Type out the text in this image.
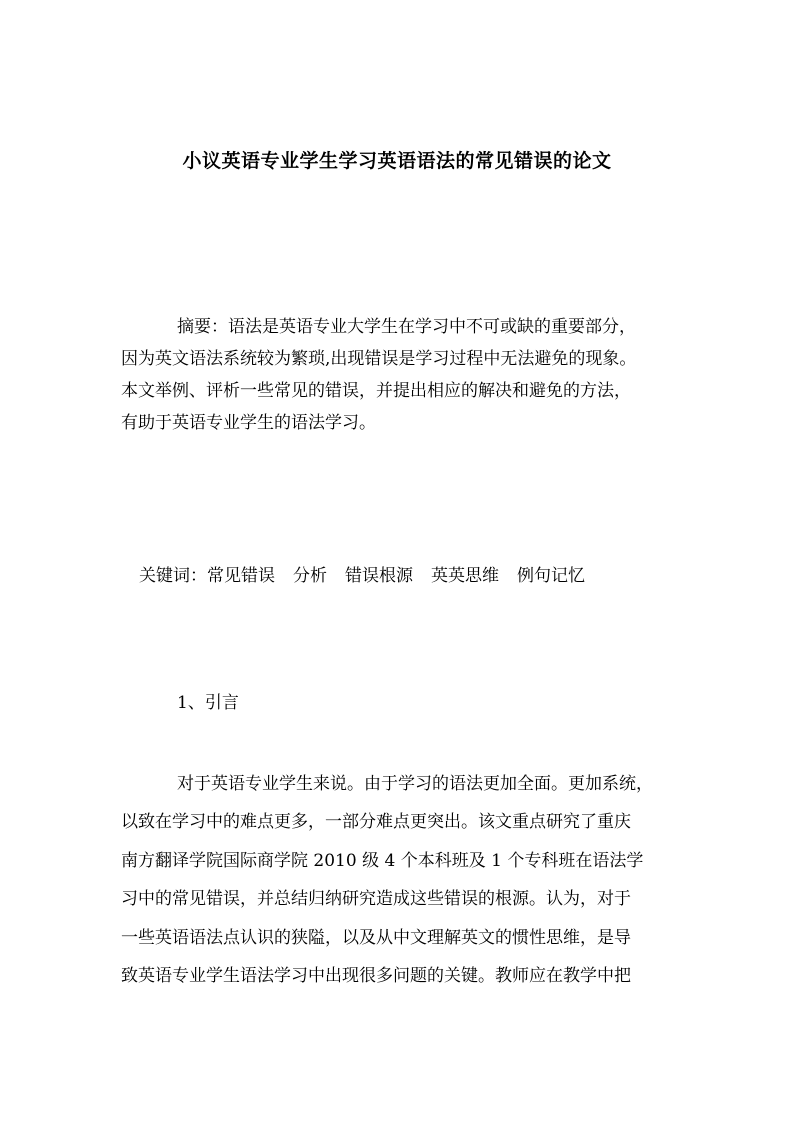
小议英语专业学生学习英语语法的常见错误的论文
摘要：语法是英语专业大学生在学习中不可或缺的重要部分，
因为英文语法系统较为繁琐,出现错误是学习过程中无法避免的现象。
本文举例、评析一些常见的错误，并提出相应的解决和避免的方法，
有助于英语专业学生的语法学习。
关键词：常见错误 分析 错误根源 英英思维 例句记忆
1、引言
对于英语专业学生来说。由于学习的语法更加全面。更加系统，
以致在学习中的难点更多，一部分难点更突出。该文重点研究了重庆
南方翻译学院国际商学院 2010 级 4 个本科班及 1 个专科班在语法学
习中的常见错误，并总结归纳研究造成这些错误的根源。认为，对于
一些英语语法点认识的狭隘，以及从中文理解英文的惯性思维，是导
致英语专业学生语法学习中出现很多问题的关键。教师应在教学中把
